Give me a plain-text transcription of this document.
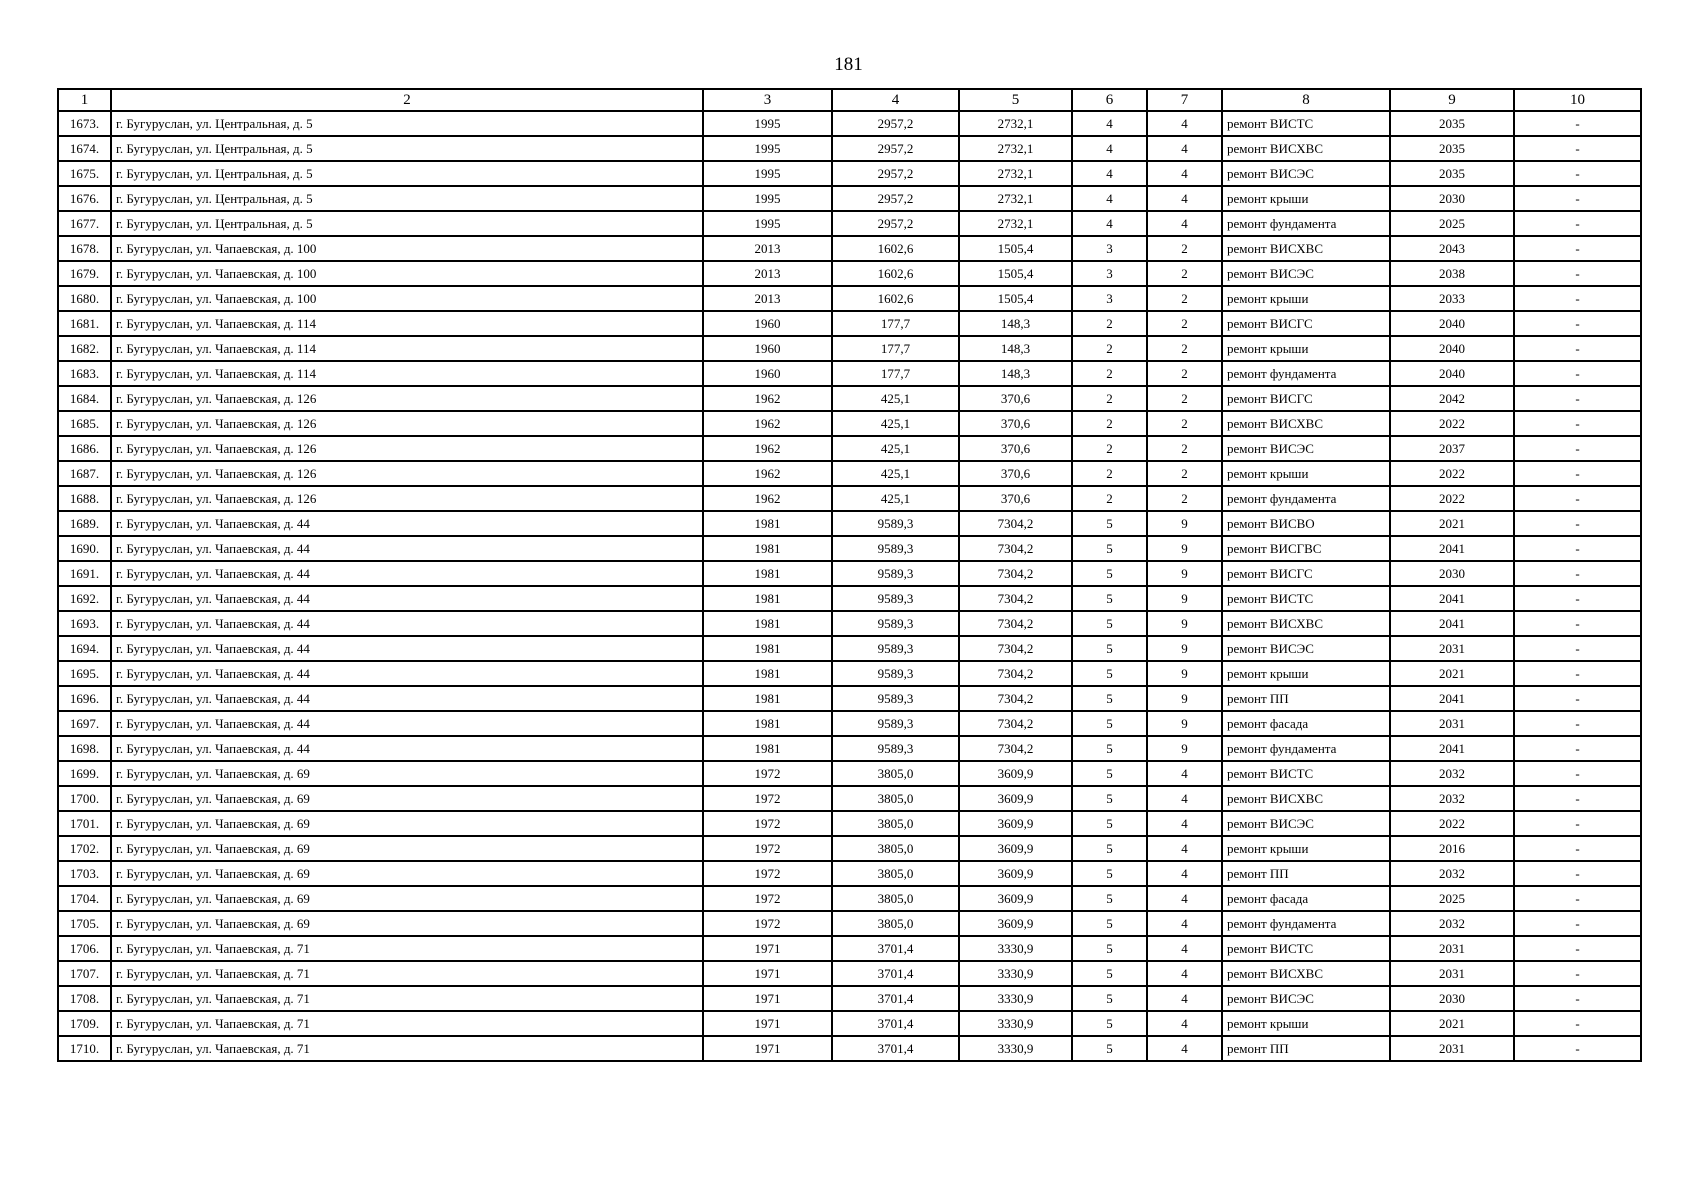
181
1	2	3	4	5	6	7	8	9	10
1673.	г. Бугуруслан, ул. Центральная, д. 5	1995	2957,2	2732,1	4	4	ремонт ВИСТС	2035	-
1674.	г. Бугуруслан, ул. Центральная, д. 5	1995	2957,2	2732,1	4	4	ремонт ВИСХВС	2035	-
1675.	г. Бугуруслан, ул. Центральная, д. 5	1995	2957,2	2732,1	4	4	ремонт ВИСЭС	2035	-
1676.	г. Бугуруслан, ул. Центральная, д. 5	1995	2957,2	2732,1	4	4	ремонт крыши	2030	-
1677.	г. Бугуруслан, ул. Центральная, д. 5	1995	2957,2	2732,1	4	4	ремонт фундамента	2025	-
1678.	г. Бугуруслан, ул. Чапаевская, д. 100	2013	1602,6	1505,4	3	2	ремонт ВИСХВС	2043	-
1679.	г. Бугуруслан, ул. Чапаевская, д. 100	2013	1602,6	1505,4	3	2	ремонт ВИСЭС	2038	-
1680.	г. Бугуруслан, ул. Чапаевская, д. 100	2013	1602,6	1505,4	3	2	ремонт крыши	2033	-
1681.	г. Бугуруслан, ул. Чапаевская, д. 114	1960	177,7	148,3	2	2	ремонт ВИСГС	2040	-
1682.	г. Бугуруслан, ул. Чапаевская, д. 114	1960	177,7	148,3	2	2	ремонт крыши	2040	-
1683.	г. Бугуруслан, ул. Чапаевская, д. 114	1960	177,7	148,3	2	2	ремонт фундамента	2040	-
1684.	г. Бугуруслан, ул. Чапаевская, д. 126	1962	425,1	370,6	2	2	ремонт ВИСГС	2042	-
1685.	г. Бугуруслан, ул. Чапаевская, д. 126	1962	425,1	370,6	2	2	ремонт ВИСХВС	2022	-
1686.	г. Бугуруслан, ул. Чапаевская, д. 126	1962	425,1	370,6	2	2	ремонт ВИСЭС	2037	-
1687.	г. Бугуруслан, ул. Чапаевская, д. 126	1962	425,1	370,6	2	2	ремонт крыши	2022	-
1688.	г. Бугуруслан, ул. Чапаевская, д. 126	1962	425,1	370,6	2	2	ремонт фундамента	2022	-
1689.	г. Бугуруслан, ул. Чапаевская, д. 44	1981	9589,3	7304,2	5	9	ремонт ВИСВО	2021	-
1690.	г. Бугуруслан, ул. Чапаевская, д. 44	1981	9589,3	7304,2	5	9	ремонт ВИСГВС	2041	-
1691.	г. Бугуруслан, ул. Чапаевская, д. 44	1981	9589,3	7304,2	5	9	ремонт ВИСГС	2030	-
1692.	г. Бугуруслан, ул. Чапаевская, д. 44	1981	9589,3	7304,2	5	9	ремонт ВИСТС	2041	-
1693.	г. Бугуруслан, ул. Чапаевская, д. 44	1981	9589,3	7304,2	5	9	ремонт ВИСХВС	2041	-
1694.	г. Бугуруслан, ул. Чапаевская, д. 44	1981	9589,3	7304,2	5	9	ремонт ВИСЭС	2031	-
1695.	г. Бугуруслан, ул. Чапаевская, д. 44	1981	9589,3	7304,2	5	9	ремонт крыши	2021	-
1696.	г. Бугуруслан, ул. Чапаевская, д. 44	1981	9589,3	7304,2	5	9	ремонт ПП	2041	-
1697.	г. Бугуруслан, ул. Чапаевская, д. 44	1981	9589,3	7304,2	5	9	ремонт фасада	2031	-
1698.	г. Бугуруслан, ул. Чапаевская, д. 44	1981	9589,3	7304,2	5	9	ремонт фундамента	2041	-
1699.	г. Бугуруслан, ул. Чапаевская, д. 69	1972	3805,0	3609,9	5	4	ремонт ВИСТС	2032	-
1700.	г. Бугуруслан, ул. Чапаевская, д. 69	1972	3805,0	3609,9	5	4	ремонт ВИСХВС	2032	-
1701.	г. Бугуруслан, ул. Чапаевская, д. 69	1972	3805,0	3609,9	5	4	ремонт ВИСЭС	2022	-
1702.	г. Бугуруслан, ул. Чапаевская, д. 69	1972	3805,0	3609,9	5	4	ремонт крыши	2016	-
1703.	г. Бугуруслан, ул. Чапаевская, д. 69	1972	3805,0	3609,9	5	4	ремонт ПП	2032	-
1704.	г. Бугуруслан, ул. Чапаевская, д. 69	1972	3805,0	3609,9	5	4	ремонт фасада	2025	-
1705.	г. Бугуруслан, ул. Чапаевская, д. 69	1972	3805,0	3609,9	5	4	ремонт фундамента	2032	-
1706.	г. Бугуруслан, ул. Чапаевская, д. 71	1971	3701,4	3330,9	5	4	ремонт ВИСТС	2031	-
1707.	г. Бугуруслан, ул. Чапаевская, д. 71	1971	3701,4	3330,9	5	4	ремонт ВИСХВС	2031	-
1708.	г. Бугуруслан, ул. Чапаевская, д. 71	1971	3701,4	3330,9	5	4	ремонт ВИСЭС	2030	-
1709.	г. Бугуруслан, ул. Чапаевская, д. 71	1971	3701,4	3330,9	5	4	ремонт крыши	2021	-
1710.	г. Бугуруслан, ул. Чапаевская, д. 71	1971	3701,4	3330,9	5	4	ремонт ПП	2031	-
